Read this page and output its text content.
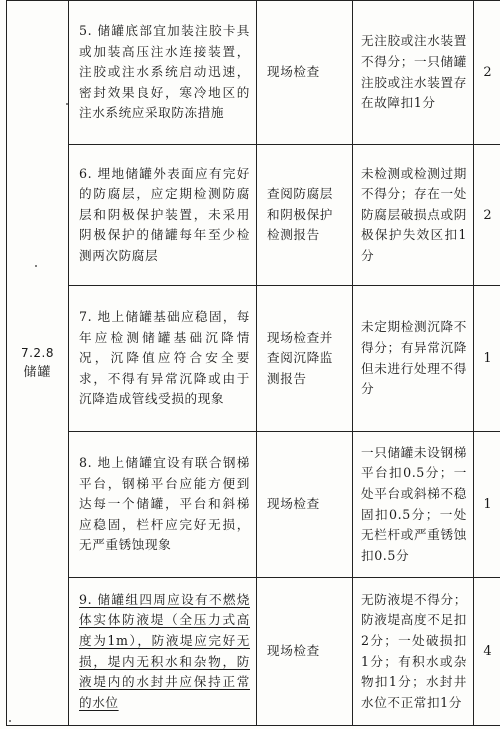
7.2.8
储罐	5. 储罐底部宜加装注胶卡具或加装高压注水连接装置，注胶或注水系统启动迅速，密封效果良好，寒冷地区的注水系统应采取防冻措施	现场检查	无注胶或注水装置不得分；一只储罐注胶或注水装置存在故障扣1分	2

	6. 埋地储罐外表面应有完好的防腐层，应定期检测防腐层和阴极保护装置，未采用阴极保护的储罐每年至少检测两次防腐层	查阅防腐层和阴极保护检测报告	未检测或检测过期不得分；存在一处防腐层破损点或阴极保护失效区扣1分	2

	7. 地上储罐基础应稳固，每年应检测储罐基础沉降情况，沉降值应符合安全要求，不得有异常沉降或由于沉降造成管线受损的现象	现场检查并查阅沉降监测报告	未定期检测沉降不得分；有异常沉降但未进行处理不得分	1

	8. 地上储罐宜设有联合钢梯平台，钢梯平台应能方便到达每一个储罐，平台和斜梯应稳固，栏杆应完好无损，无严重锈蚀现象	现场检查	一只储罐未设钢梯平台扣0.5分；一处平台或斜梯不稳固扣0.5分；一处无栏杆或严重锈蚀扣0.5分	1

	9. 储罐组四周应设有不燃烧体实体防液堤（全压力式高度为1m），防液堤应完好无损，堤内无积水和杂物，防液堤内的水封井应保持正常的水位	现场检查	无防液堤不得分；防液堤高度不足扣2分；一处破损扣1分；有积水或杂物扣1分；水封井水位不正常扣1分	4
